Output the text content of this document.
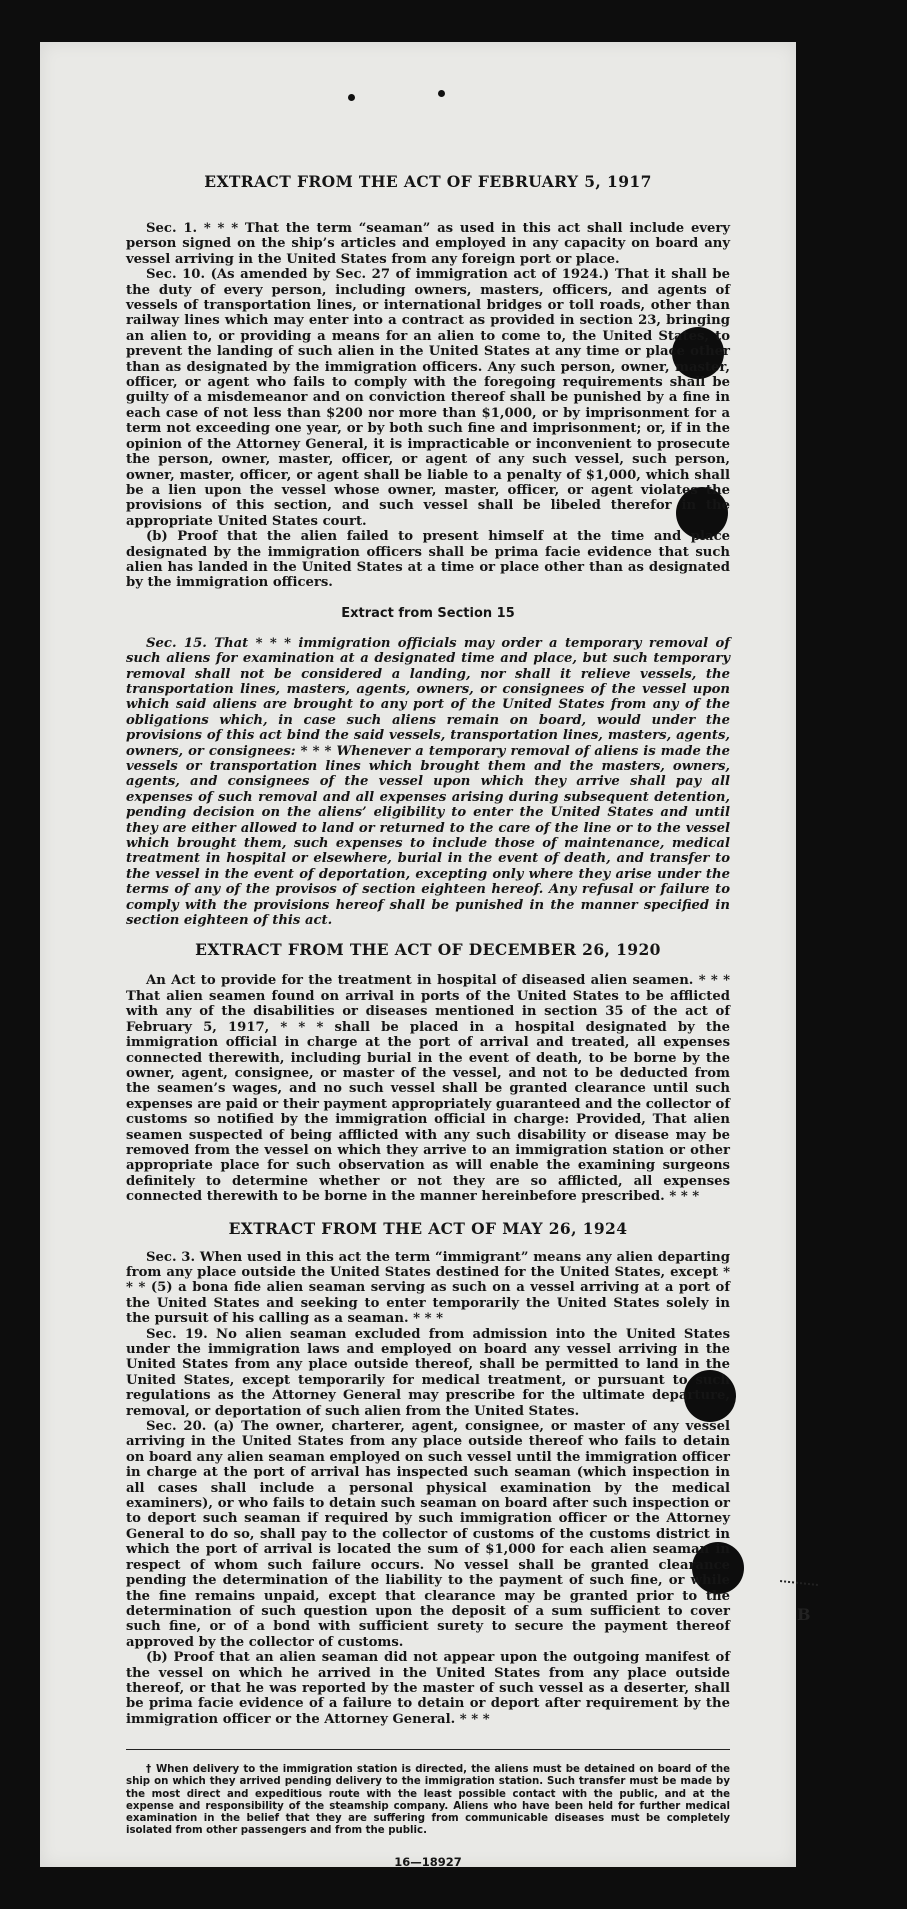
B
EXTRACT FROM THE ACT OF FEBRUARY 5, 1917

Sec. 1. * * * That the term “seaman” as used in this act shall include every person signed on the ship’s articles and employed in any capacity on board any vessel arriving in the United States from any foreign port or place.

Sec. 10. (As amended by Sec. 27 of immigration act of 1924.) That it shall be the duty of every person, including owners, masters, officers, and agents of vessels of transportation lines, or international bridges or toll roads, other than railway lines which may enter into a contract as provided in section 23, bringing an alien to, or providing a means for an alien to come to, the United States, to prevent the landing of such alien in the United States at any time or place other than as designated by the immigration officers. Any such person, owner, master, officer, or agent who fails to comply with the foregoing requirements shall be guilty of a misdemeanor and on conviction thereof shall be punished by a fine in each case of not less than $200 nor more than $1,000, or by imprisonment for a term not exceeding one year, or by both such fine and imprisonment; or, if in the opinion of the Attorney General, it is impracticable or inconvenient to prosecute the person, owner, master, officer, or agent of any such vessel, such person, owner, master, officer, or agent shall be liable to a penalty of $1,000, which shall be a lien upon the vessel whose owner, master, officer, or agent violates the provisions of this section, and such vessel shall be libeled therefor in the appropriate United States court.

(b) Proof that the alien failed to present himself at the time and place designated by the immigration officers shall be prima facie evidence that such alien has landed in the United States at a time or place other than as designated by the immigration officers.

Extract from Section 15

Sec. 15. That * * * immigration officials may order a temporary removal of such aliens for examination at a designated time and place, but such temporary removal shall not be considered a landing, nor shall it relieve vessels, the transportation lines, masters, agents, owners, or consignees of the vessel upon which said aliens are brought to any port of the United States from any of the obligations which, in case such aliens remain on board, would under the provisions of this act bind the said vessels, transportation lines, masters, agents, owners, or consignees: * * * Whenever a temporary removal of aliens is made the vessels or transportation lines which brought them and the masters, owners, agents, and consignees of the vessel upon which they arrive shall pay all expenses of such removal and all expenses arising during subsequent detention, pending decision on the aliens’ eligibility to enter the United States and until they are either allowed to land or returned to the care of the line or to the vessel which brought them, such expenses to include those of maintenance, medical treatment in hospital or elsewhere, burial in the event of death, and transfer to the vessel in the event of deportation, excepting only where they arise under the terms of any of the provisos of section eighteen hereof. Any refusal or failure to comply with the provisions hereof shall be punished in the manner specified in section eighteen of this act.

EXTRACT FROM THE ACT OF DECEMBER 26, 1920

An Act to provide for the treatment in hospital of diseased alien seamen. * * * That alien seamen found on arrival in ports of the United States to be afflicted with any of the disabilities or diseases mentioned in section 35 of the act of February 5, 1917, * * * shall be placed in a hospital designated by the immigration official in charge at the port of arrival and treated, all expenses connected therewith, including burial in the event of death, to be borne by the owner, agent, consignee, or master of the vessel, and not to be deducted from the seamen’s wages, and no such vessel shall be granted clearance until such expenses are paid or their payment appropriately guaranteed and the collector of customs so notified by the immigration official in charge: Provided, That alien seamen suspected of being afflicted with any such disability or disease may be removed from the vessel on which they arrive to an immigration station or other appropriate place for such observation as will enable the examining surgeons definitely to determine whether or not they are so afflicted, all expenses connected therewith to be borne in the manner hereinbefore prescribed. * * *

EXTRACT FROM THE ACT OF MAY 26, 1924

Sec. 3. When used in this act the term “immigrant” means any alien departing from any place outside the United States destined for the United States, except * * * (5) a bona fide alien seaman serving as such on a vessel arriving at a port of the United States and seeking to enter temporarily the United States solely in the pursuit of his calling as a seaman. * * *

Sec. 19. No alien seaman excluded from admission into the United States under the immigration laws and employed on board any vessel arriving in the United States from any place outside thereof, shall be permitted to land in the United States, except temporarily for medical treatment, or pursuant to such regulations as the Attorney General may prescribe for the ultimate departure, removal, or deportation of such alien from the United States.

Sec. 20. (a) The owner, charterer, agent, consignee, or master of any vessel arriving in the United States from any place outside thereof who fails to detain on board any alien seaman employed on such vessel until the immigration officer in charge at the port of arrival has inspected such seaman (which inspection in all cases shall include a personal physical examination by the medical examiners), or who fails to detain such seaman on board after such inspection or to deport such seaman if required by such immigration officer or the Attorney General to do so, shall pay to the collector of customs of the customs district in which the port of arrival is located the sum of $1,000 for each alien seaman in respect of whom such failure occurs. No vessel shall be granted clearance pending the determination of the liability to the payment of such fine, or while the fine remains unpaid, except that clearance may be granted prior to the determination of such question upon the deposit of a sum sufficient to cover such fine, or of a bond with sufficient surety to secure the payment thereof approved by the collector of customs.

(b) Proof that an alien seaman did not appear upon the outgoing manifest of the vessel on which he arrived in the United States from any place outside thereof, or that he was reported by the master of such vessel as a deserter, shall be prima facie evidence of a failure to detain or deport after requirement by the immigration officer or the Attorney General. * * *

† When delivery to the immigration station is directed, the aliens must be detained on board of the ship on which they arrived pending delivery to the immigration station. Such transfer must be made by the most direct and expeditious route with the least possible contact with the public, and at the expense and responsibility of the steamship company. Aliens who have been held for further medical examination in the belief that they are suffering from communicable diseases must be completely isolated from other passengers and from the public.

16—18927
